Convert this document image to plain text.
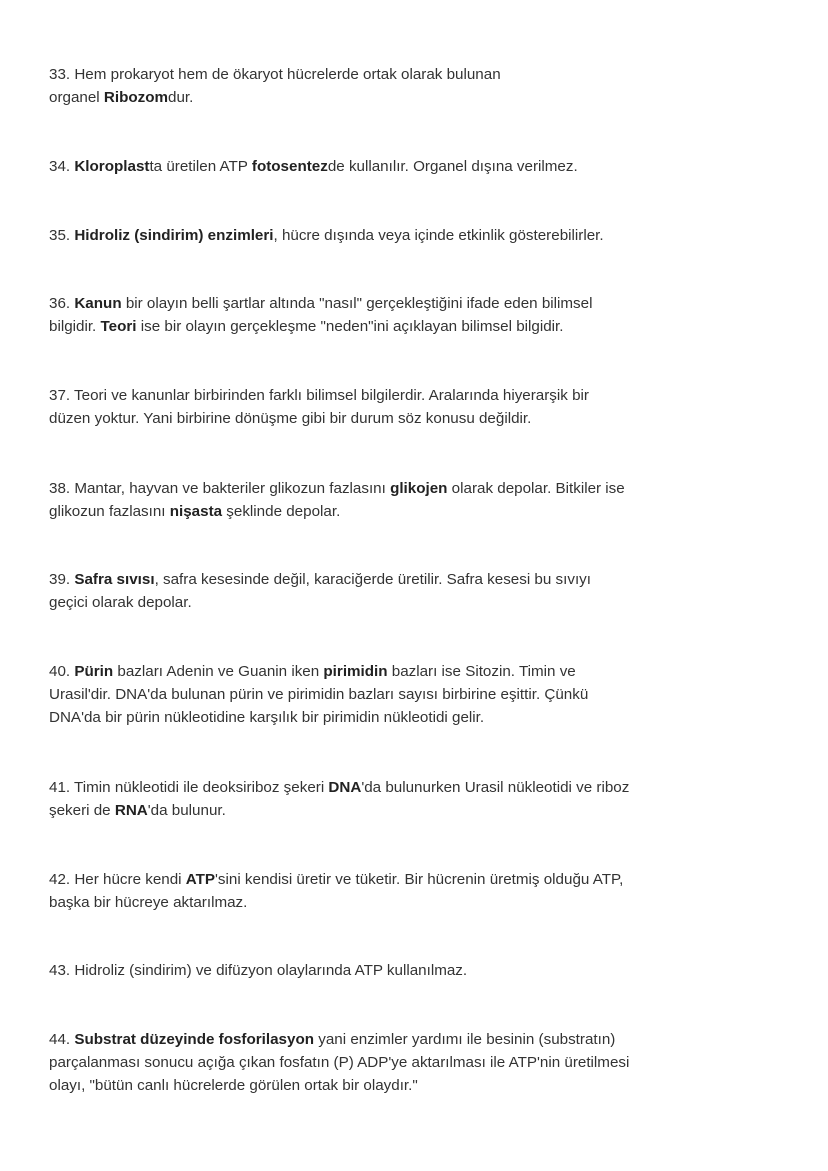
33. Hem prokaryot hem de ökaryot hücrelerde ortak olarak bulunan
organel Ribozomdur.

34. Kloroplastta üretilen ATP fotosentezde kullanılır. Organel dışına verilmez.

35. Hidroliz (sindirim) enzimleri, hücre dışında veya içinde etkinlik gösterebilirler.

36. Kanun bir olayın belli şartlar altında "nasıl" gerçekleştiğini ifade eden bilimsel
bilgidir. Teori ise bir olayın gerçekleşme "neden"ini açıklayan bilimsel bilgidir.

37. Teori ve kanunlar birbirinden farklı bilimsel bilgilerdir. Aralarında hiyerarşik bir
düzen yoktur. Yani birbirine dönüşme gibi bir durum söz konusu değildir.

38. Mantar, hayvan ve bakteriler glikozun fazlasını glikojen olarak depolar. Bitkiler ise
glikozun fazlasını nişasta şeklinde depolar.

39. Safra sıvısı, safra kesesinde değil, karaciğerde üretilir. Safra kesesi bu sıvıyı
geçici olarak depolar.

40. Pürin bazları Adenin ve Guanin iken pirimidin bazları ise Sitozin. Timin ve
Urasil'dir. DNA'da bulunan pürin ve pirimidin bazları sayısı birbirine eşittir. Çünkü
DNA'da bir pürin nükleotidine karşılık bir pirimidin nükleotidi gelir.

41. Timin nükleotidi ile deoksiriboz şekeri DNA'da bulunurken Urasil nükleotidi ve riboz
şekeri de RNA'da bulunur.

42. Her hücre kendi ATP'sini kendisi üretir ve tüketir. Bir hücrenin üretmiş olduğu ATP,
başka bir hücreye aktarılmaz.

43. Hidroliz (sindirim) ve difüzyon olaylarında ATP kullanılmaz.

44. Substrat düzeyinde fosforilasyon yani enzimler yardımı ile besinin (substratın)
parçalanması sonucu açığa çıkan fosfatın (P) ADP'ye aktarılması ile ATP'nin üretilmesi
olayı, "bütün canlı hücrelerde görülen ortak bir olaydır."
